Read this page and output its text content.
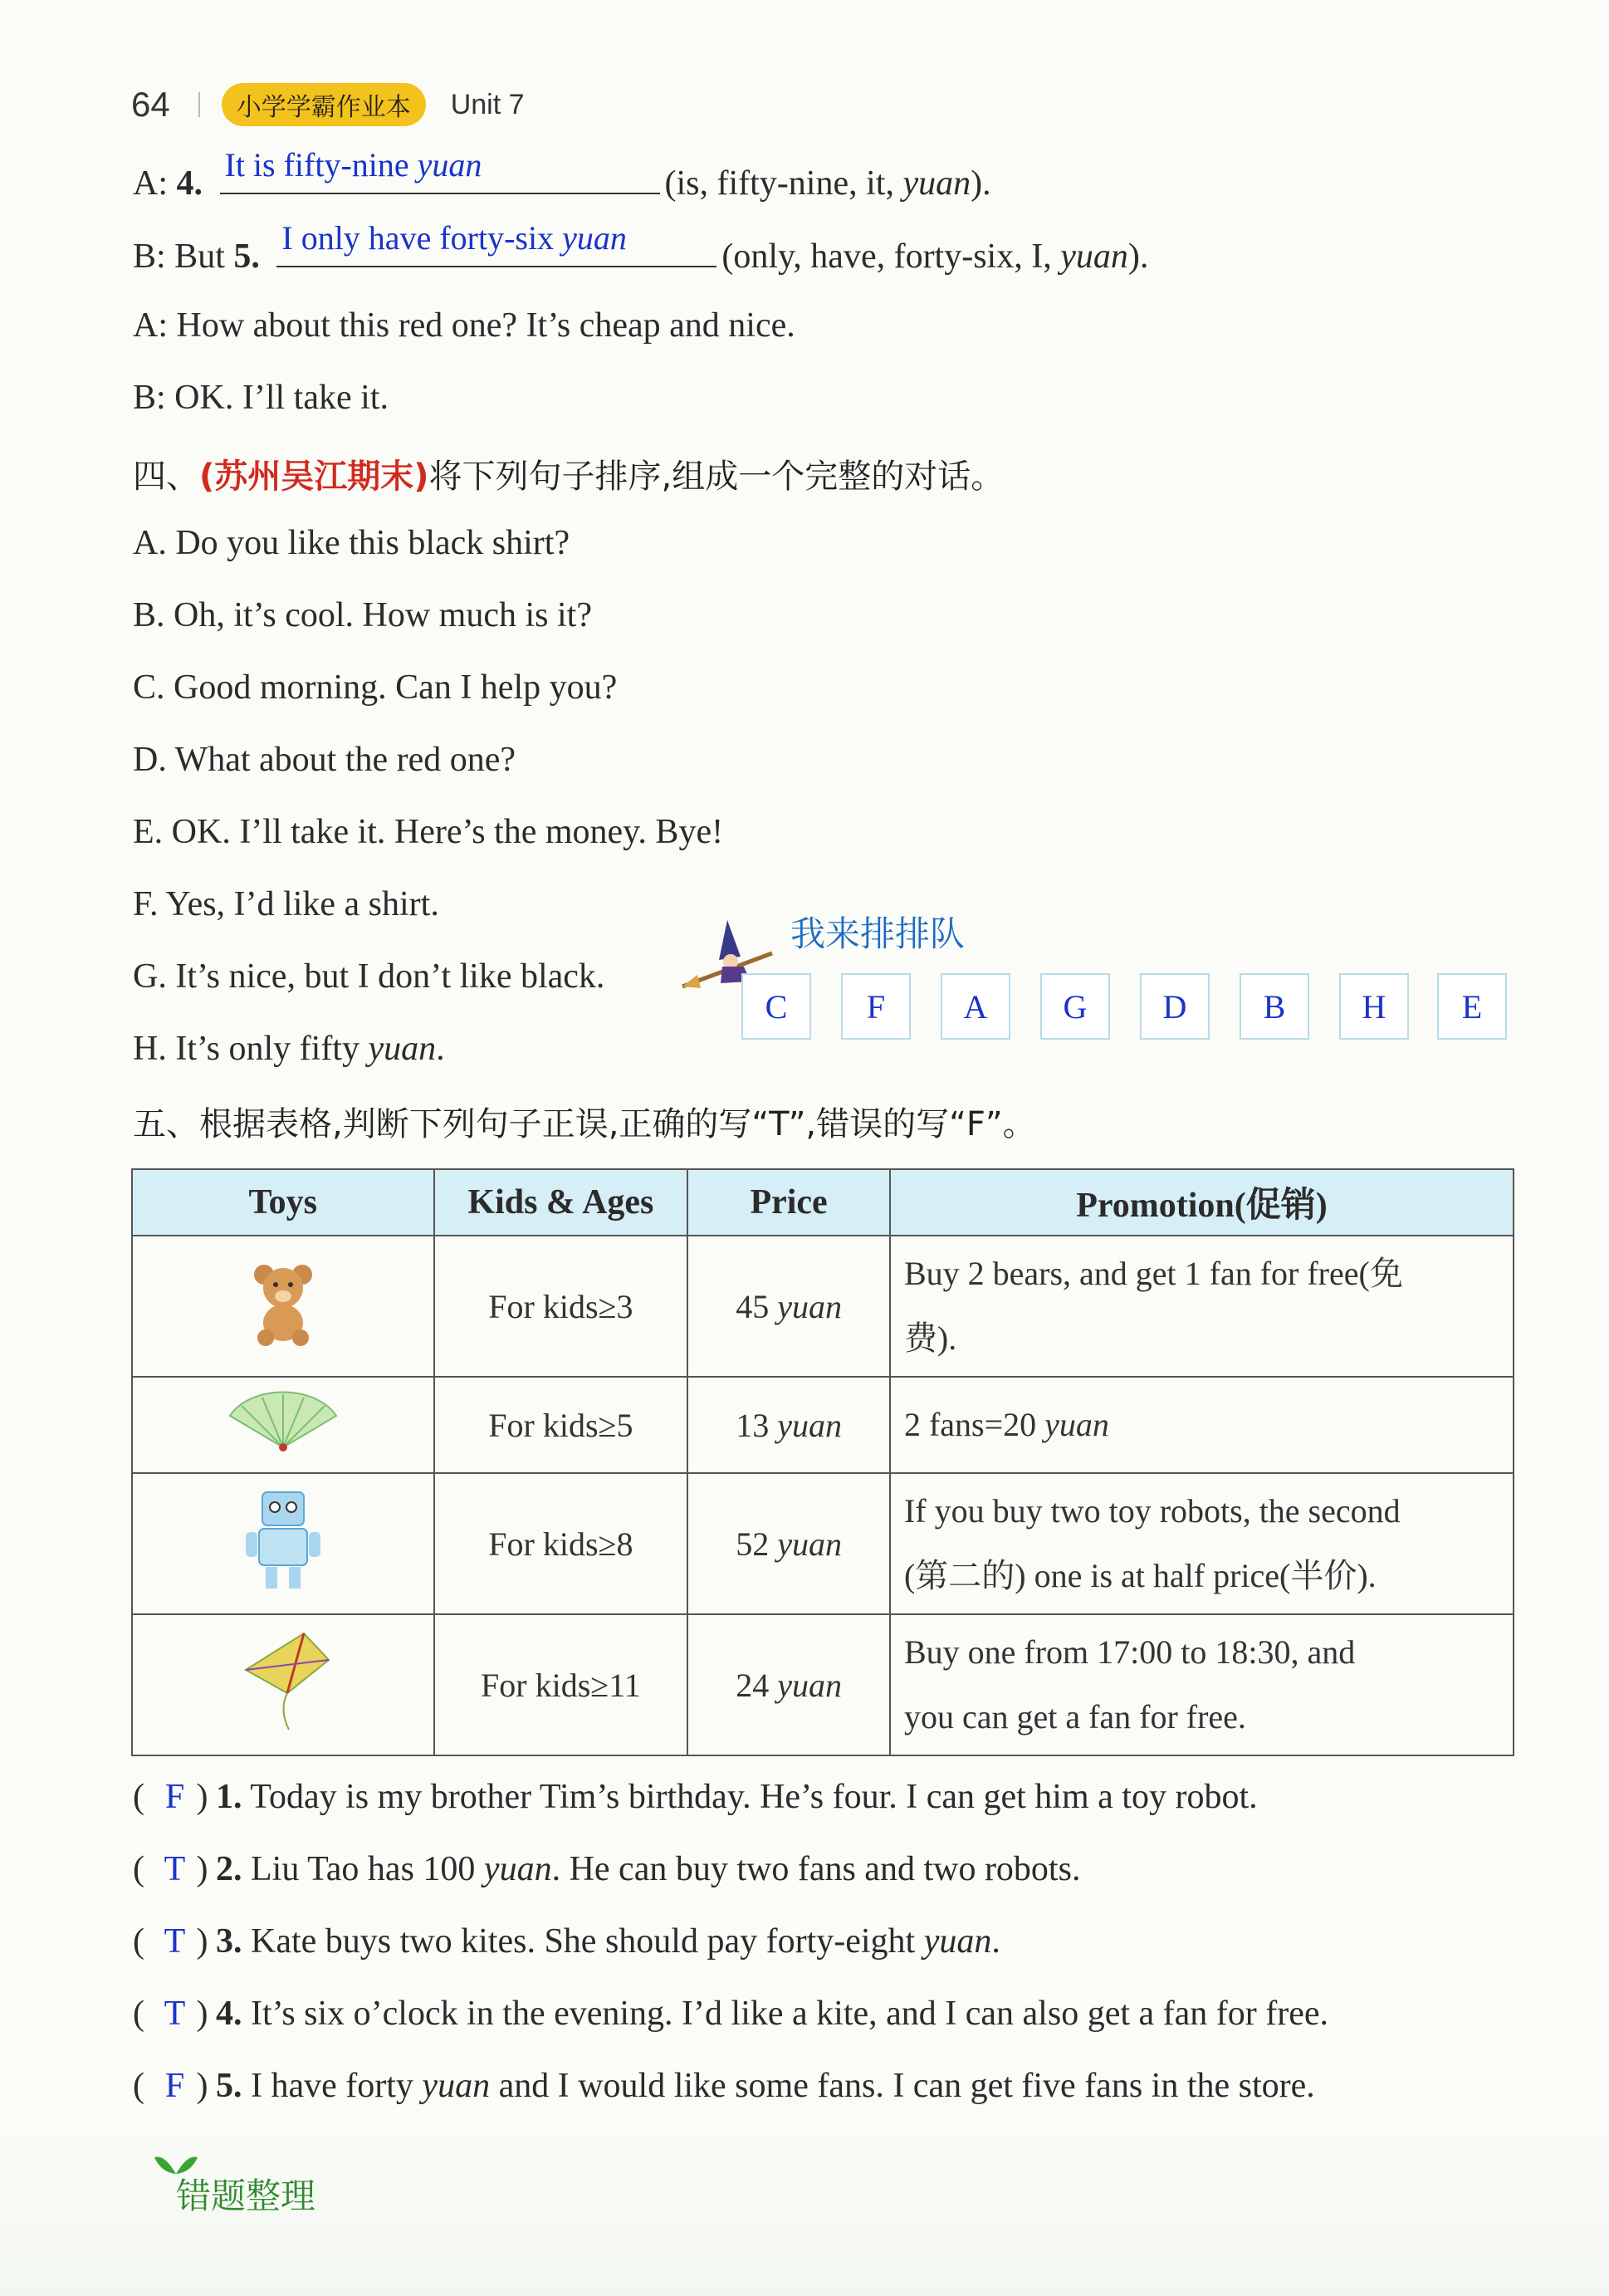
64	小学学霸作业本	Unit 7
A: 4. It is fifty-nine yuan	(is, fifty-nine, it, yuan).
B: But 5. I only have forty-six yuan	(only, have, forty-six, I, yuan).
A: How about this red one? It’s cheap and nice.
B: OK. I’ll take it.
四、(苏州吴江期末)将下列句子排序,组成一个完整的对话。
A. Do you like this black shirt?
B. Oh, it’s cool. How much is it?
C. Good morning. Can I help you?
D. What about the red one?
E. OK. I’ll take it. Here’s the money. Bye!
F. Yes, I’d like a shirt.
G. It’s nice, but I don’t like black.
H. It’s only fifty yuan.
我来排排队
C	F	A	G	D	B	H	E
五、根据表格,判断下列句子正误,正确的写“T”,错误的写“F”。
Toys	Kids & Ages	Price	Promotion(促销)
	For kids≥3	45 yuan	Buy 2 bears, and get 1 fan for free(免
费).

	For kids≥5	13 yuan	2 fans=20 yuan
	For kids≥8	52 yuan	If you buy two toy robots, the second
(第二的) one is at half price(半价).

	For kids≥11	24 yuan	Buy one from 17:00 to 18:30, and
you can get a fan for free.
( F ) 1. Today is my brother Tim’s birthday. He’s four. I can get him a toy robot.
( T ) 2. Liu Tao has 100 yuan. He can buy two fans and two robots.
( T ) 3. Kate buys two kites. She should pay forty-eight yuan.
( T ) 4. It’s six o’clock in the evening. I’d like a kite, and I can also get a fan for free.
( F ) 5. I have forty yuan and I would like some fans. I can get five fans in the store.
错题整理
